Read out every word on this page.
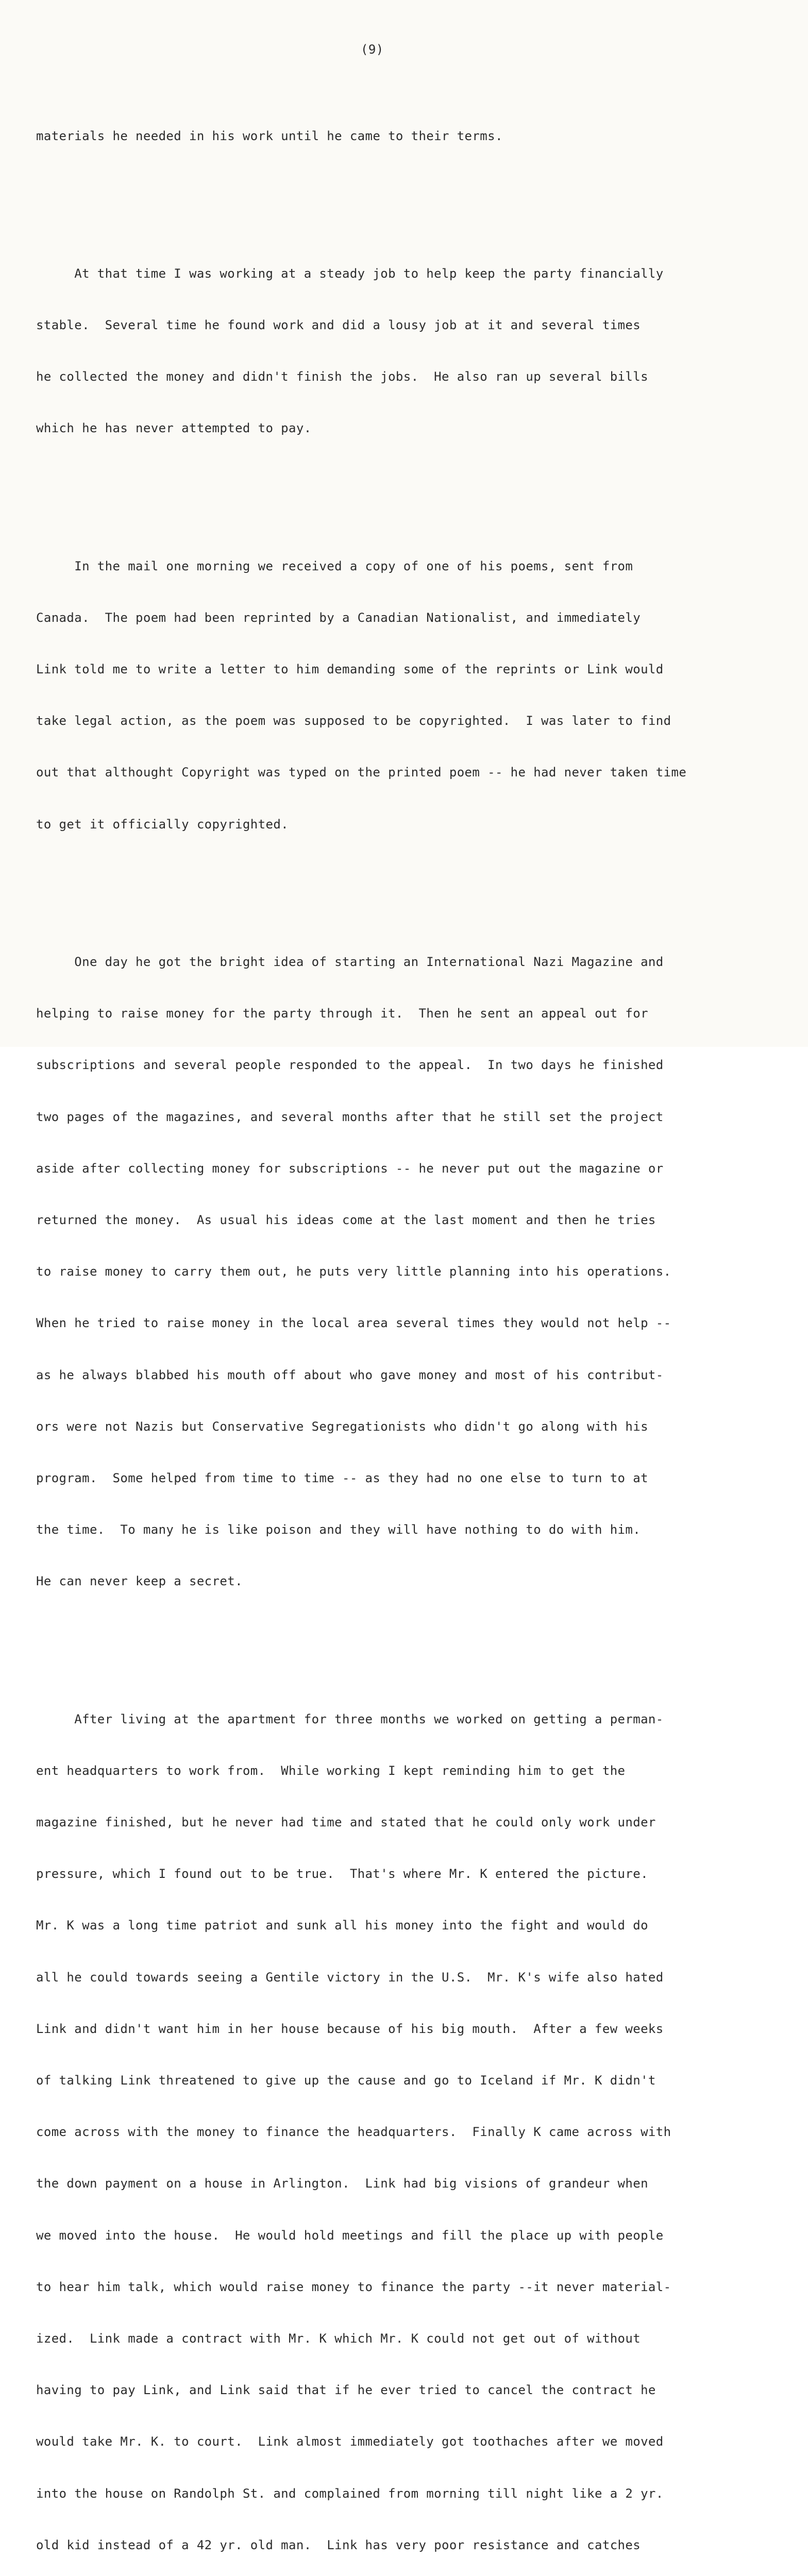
(9)

materials he needed in his work until he came to their terms.

At that time I was working at a steady job to help keep the party financially

stable.  Several time he found work and did a lousy job at it and several times

he collected the money and didn't finish the jobs.  He also ran up several bills

which he has never attempted to pay.

In the mail one morning we received a copy of one of his poems, sent from

Canada.  The poem had been reprinted by a Canadian Nationalist, and immediately

Link told me to write a letter to him demanding some of the reprints or Link would

take legal action, as the poem was supposed to be copyrighted.  I was later to find

out that althought Copyright was typed on the printed poem -- he had never taken time

to get it officially copyrighted.

One day he got the bright idea of starting an International Nazi Magazine and

helping to raise money for the party through it.  Then he sent an appeal out for

subscriptions and several people responded to the appeal.  In two days he finished

two pages of the magazines, and several months after that he still set the project

aside after collecting money for subscriptions -- he never put out the magazine or

returned the money.  As usual his ideas come at the last moment and then he tries

to raise money to carry them out, he puts very little planning into his operations.

When he tried to raise money in the local area several times they would not help --

as he always blabbed his mouth off about who gave money and most of his contribut-

ors were not Nazis but Conservative Segregationists who didn't go along with his

program.  Some helped from time to time -- as they had no one else to turn to at

the time.  To many he is like poison and they will have nothing to do with him.

He can never keep a secret.

After living at the apartment for three months we worked on getting a perman-

ent headquarters to work from.  While working I kept reminding him to get the

magazine finished, but he never had time and stated that he could only work under

pressure, which I found out to be true.  That's where Mr. K entered the picture.

Mr. K was a long time patriot and sunk all his money into the fight and would do

all he could towards seeing a Gentile victory in the U.S.  Mr. K's wife also hated

Link and didn't want him in her house because of his big mouth.  After a few weeks

of talking Link threatened to give up the cause and go to Iceland if Mr. K didn't

come across with the money to finance the headquarters.  Finally K came across with

the down payment on a house in Arlington.  Link had big visions of grandeur when

we moved into the house.  He would hold meetings and fill the place up with people

to hear him talk, which would raise money to finance the party --it never material-

ized.  Link made a contract with Mr. K which Mr. K could not get out of without

having to pay Link, and Link said that if he ever tried to cancel the contract he

would take Mr. K. to court.  Link almost immediately got toothaches after we moved

into the house on Randolph St. and complained from morning till night like a 2 yr.

old kid instead of a 42 yr. old man.  Link has very poor resistance and catches
